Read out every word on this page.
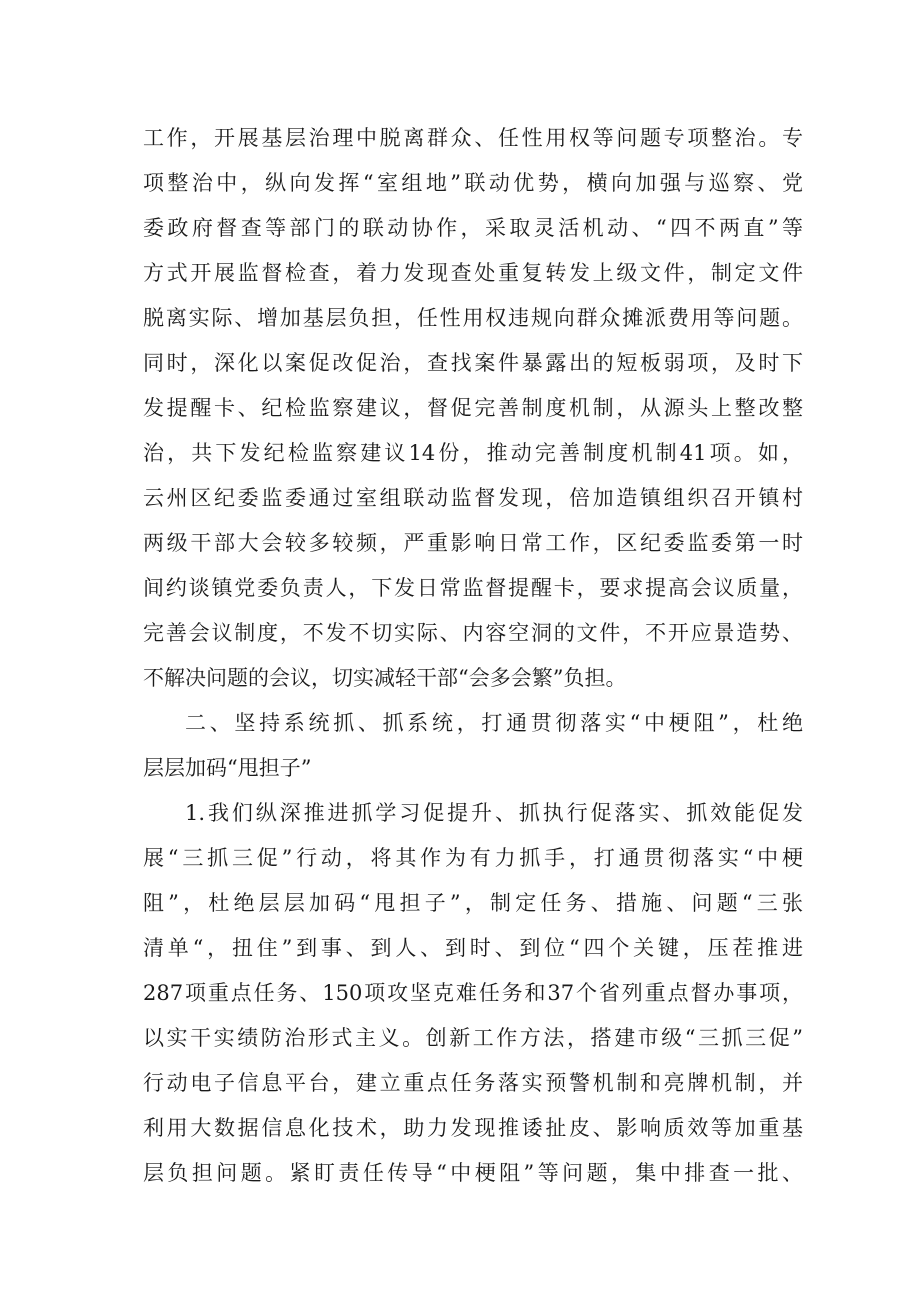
工作，开展基层治理中脱离群众、任性用权等问题专项整治。专
项整治中，纵向发挥“室组地”联动优势，横向加强与巡察、党
委政府督查等部门的联动协作，采取灵活机动、“四不两直”等
方式开展监督检查，着力发现查处重复转发上级文件，制定文件
脱离实际、增加基层负担，任性用权违规向群众摊派费用等问题。
同时，深化以案促改促治，查找案件暴露出的短板弱项，及时下
发提醒卡、纪检监察建议，督促完善制度机制，从源头上整改整
治，共下发纪检监察建议14份，推动完善制度机制41项。如，
云州区纪委监委通过室组联动监督发现，倍加造镇组织召开镇村
两级干部大会较多较频，严重影响日常工作，区纪委监委第一时
间约谈镇党委负责人，下发日常监督提醒卡，要求提高会议质量，
完善会议制度，不发不切实际、内容空洞的文件，不开应景造势、
不解决问题的会议，切实减轻干部“会多会繁”负担。
二、坚持系统抓、抓系统，打通贯彻落实“中梗阻”，杜绝
层层加码“甩担子”
1.我们纵深推进抓学习促提升、抓执行促落实、抓效能促发
展“三抓三促”行动，将其作为有力抓手，打通贯彻落实“中梗
阻”，杜绝层层加码“甩担子”，制定任务、措施、问题“三张
清单“，扭住”到事、到人、到时、到位“四个关键，压茬推进
287项重点任务、150项攻坚克难任务和37个省列重点督办事项，
以实干实绩防治形式主义。创新工作方法，搭建市级“三抓三促”
行动电子信息平台，建立重点任务落实预警机制和亮牌机制，并
利用大数据信息化技术，助力发现推诿扯皮、影响质效等加重基
层负担问题。紧盯责任传导“中梗阻”等问题，集中排查一批、
